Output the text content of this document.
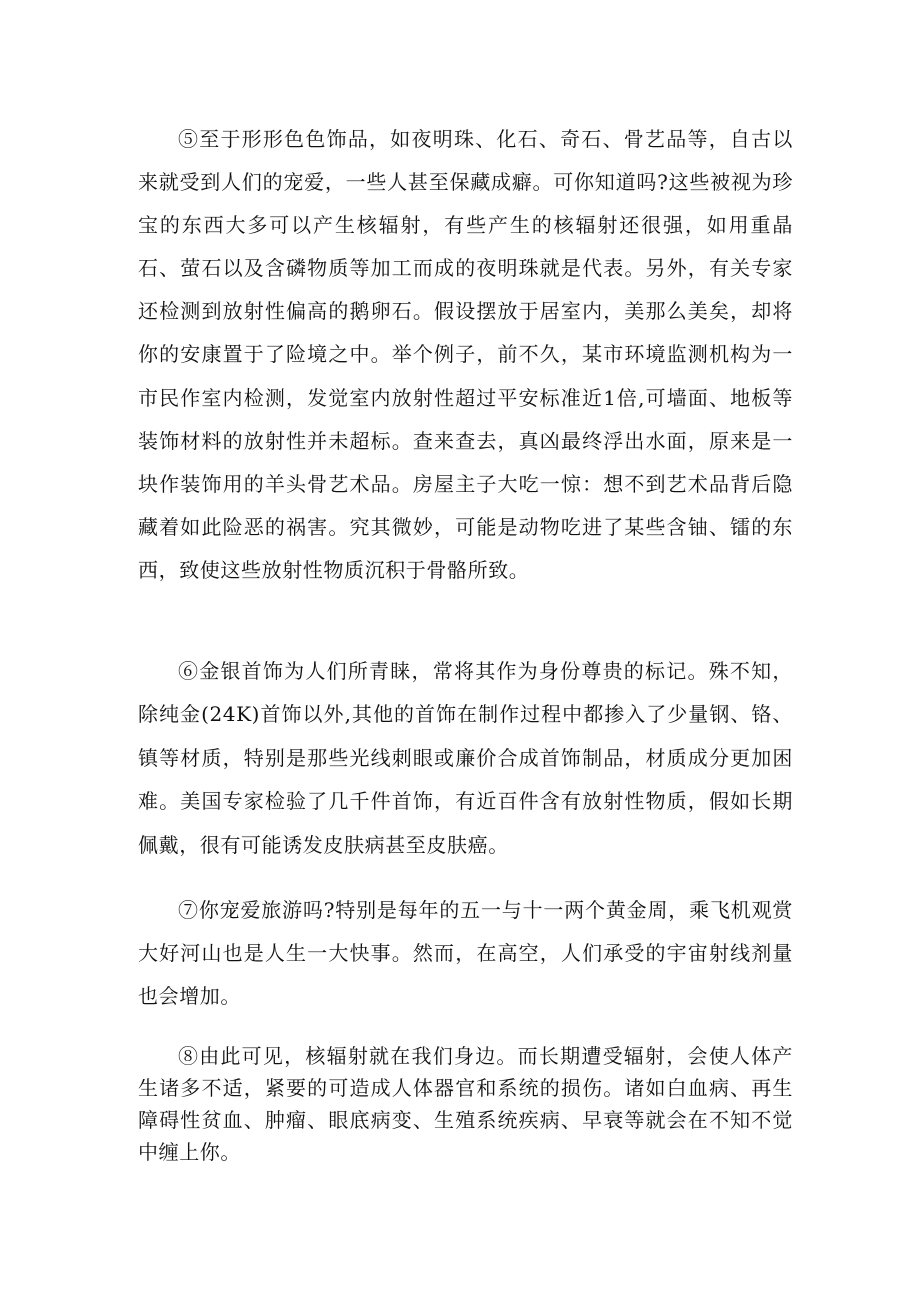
⑤至于形形色色饰品，如夜明珠、化石、奇石、骨艺品等，自古以来就受到人们的宠爱，一些人甚至保藏成癖。可你知道吗?这些被视为珍宝的东西大多可以产生核辐射，有些产生的核辐射还很强，如用重晶石、萤石以及含磷物质等加工而成的夜明珠就是代表。另外，有关专家还检测到放射性偏高的鹅卵石。假设摆放于居室内，美那么美矣，却将你的安康置于了险境之中。举个例子，前不久，某市环境监测机构为一市民作室内检测，发觉室内放射性超过平安标准近1倍,可墙面、地板等装饰材料的放射性并未超标。查来查去，真凶最终浮出水面，原来是一块作装饰用的羊头骨艺术品。房屋主子大吃一惊：想不到艺术品背后隐藏着如此险恶的祸害。究其微妙，可能是动物吃进了某些含铀、镭的东西，致使这些放射性物质沉积于骨骼所致。

⑥金银首饰为人们所青睐，常将其作为身份尊贵的标记。殊不知，除纯金(24K)首饰以外,其他的首饰在制作过程中都掺入了少量钢、铬、镇等材质，特别是那些光线刺眼或廉价合成首饰制品，材质成分更加困难。美国专家检验了几千件首饰，有近百件含有放射性物质，假如长期佩戴，很有可能诱发皮肤病甚至皮肤癌。

⑦你宠爱旅游吗?特别是每年的五一与十一两个黄金周，乘飞机观赏大好河山也是人生一大快事。然而，在高空，人们承受的宇宙射线剂量也会增加。

⑧由此可见，核辐射就在我们身边。而长期遭受辐射，会使人体产生诸多不适，紧要的可造成人体器官和系统的损伤。诸如白血病、再生障碍性贫血、肿瘤、眼底病变、生殖系统疾病、早衰等就会在不知不觉中缠上你。
